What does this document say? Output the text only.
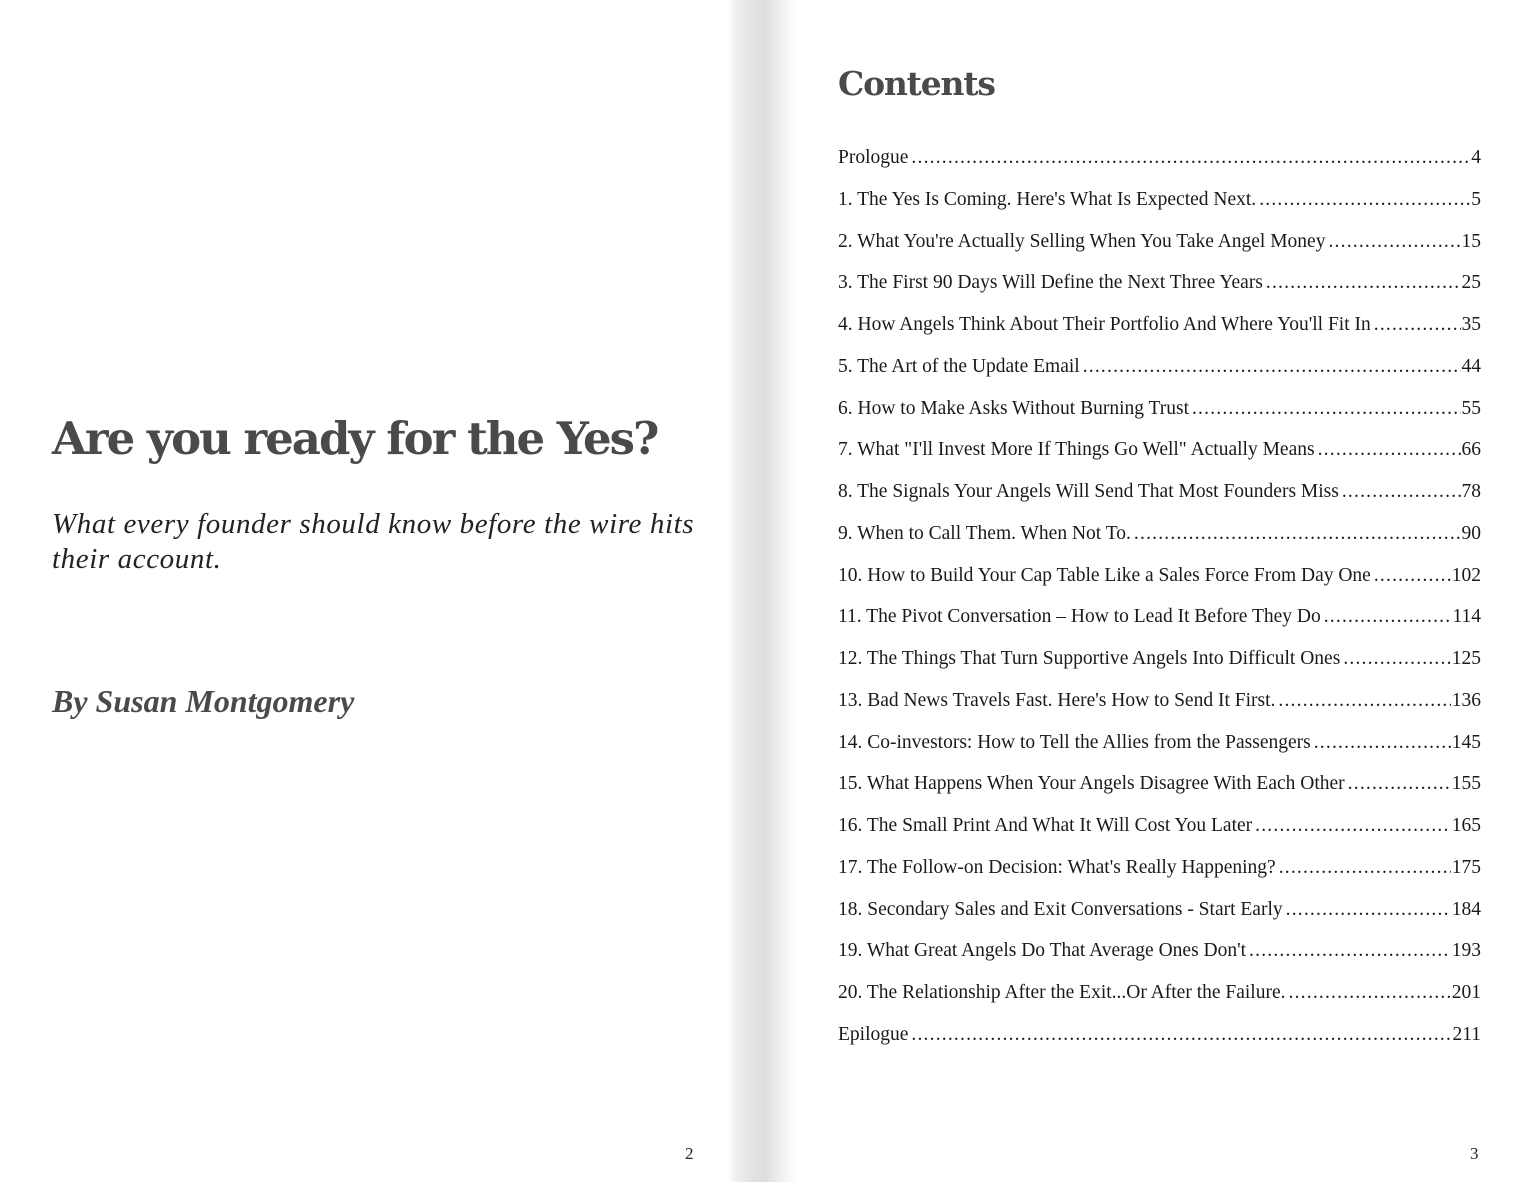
Are you ready for the Yes?

What every founder should know before the wire hits their account.

By Susan Montgomery

2
Contents
Prologue .....	4
1. The Yes Is Coming. Here's What Is Expected Next. .....	5
2. What You're Actually Selling When You Take Angel Money .....	15
3. The First 90 Days Will Define the Next Three Years .....	25
4. How Angels Think About Their Portfolio And Where You'll Fit In .....	35
5. The Art of the Update Email .....	44
6. How to Make Asks Without Burning Trust .....	55
7. What "I'll Invest More If Things Go Well" Actually Means .....	66
8. The Signals Your Angels Will Send That Most Founders Miss .....	78
9. When to Call Them. When Not To. .....	90
10. How to Build Your Cap Table Like a Sales Force From Day One .....	102
11. The Pivot Conversation – How to Lead It Before They Do .....	114
12. The Things That Turn Supportive Angels Into Difficult Ones .....	125
13. Bad News Travels Fast. Here's How to Send It First. .....	136
14. Co-investors: How to Tell the Allies from the Passengers .....	145
15. What Happens When Your Angels Disagree With Each Other .....	155
16. The Small Print And What It Will Cost You Later .....	165
17. The Follow-on Decision: What's Really Happening? .....	175
18. Secondary Sales and Exit Conversations - Start Early .....	184
19. What Great Angels Do That Average Ones Don't .....	193
20. The Relationship After the Exit...Or After the Failure. .....	201
Epilogue .....	211
3
